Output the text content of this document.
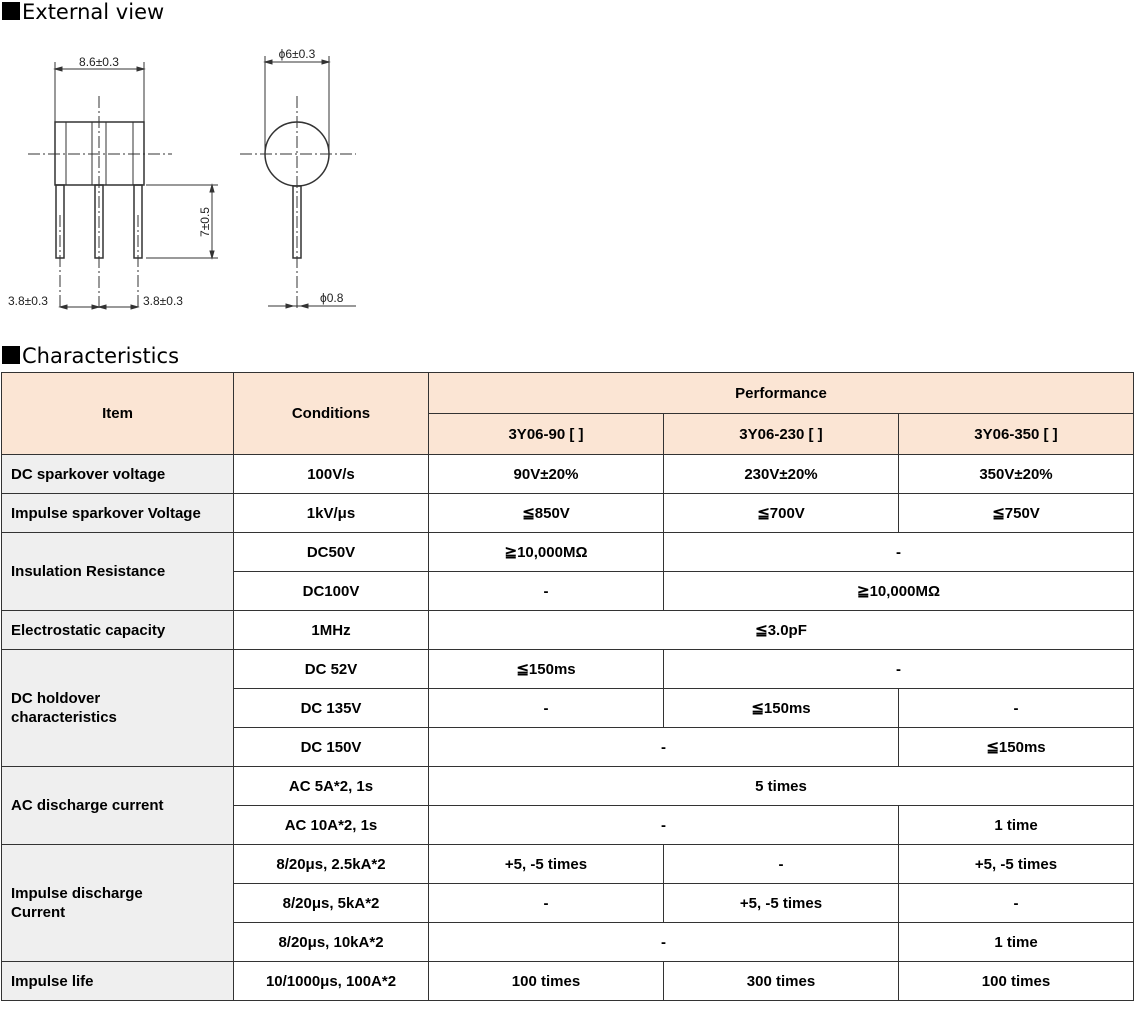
External view
8.6±0.3
7±0.5
3.8±0.3	3.8±0.3
ϕ6±0.3
ϕ0.8
Characteristics
Item	Conditions	Performance		
		3Y06-90 [ ]	3Y06-230 [ ]	3Y06-350 [ ]
DC sparkover voltage	100V/s	90V±20%	230V±20%	350V±20%
Impulse sparkover Voltage	1kV/μs	≦850V	≦700V	≦750V
Insulation Resistance	DC50V	≧10,000MΩ	-	
	DC100V	-	≧10,000MΩ	
Electrostatic capacity	1MHz	≦3.0pF		
DC holdover
characteristics	DC 52V	≦150ms	-	
	DC 135V	-	≦150ms	-
	DC 150V	-		≦150ms
AC discharge current	AC 5A*2, 1s	5 times		
	AC 10A*2, 1s	-		1 time
Impulse discharge
Current	8/20μs, 2.5kA*2	+5, -5 times	-	+5, -5 times
	8/20μs, 5kA*2	-	+5, -5 times	-
	8/20μs, 10kA*2	-		1 time
Impulse life	10/1000μs, 100A*2	100 times	300 times	100 times
